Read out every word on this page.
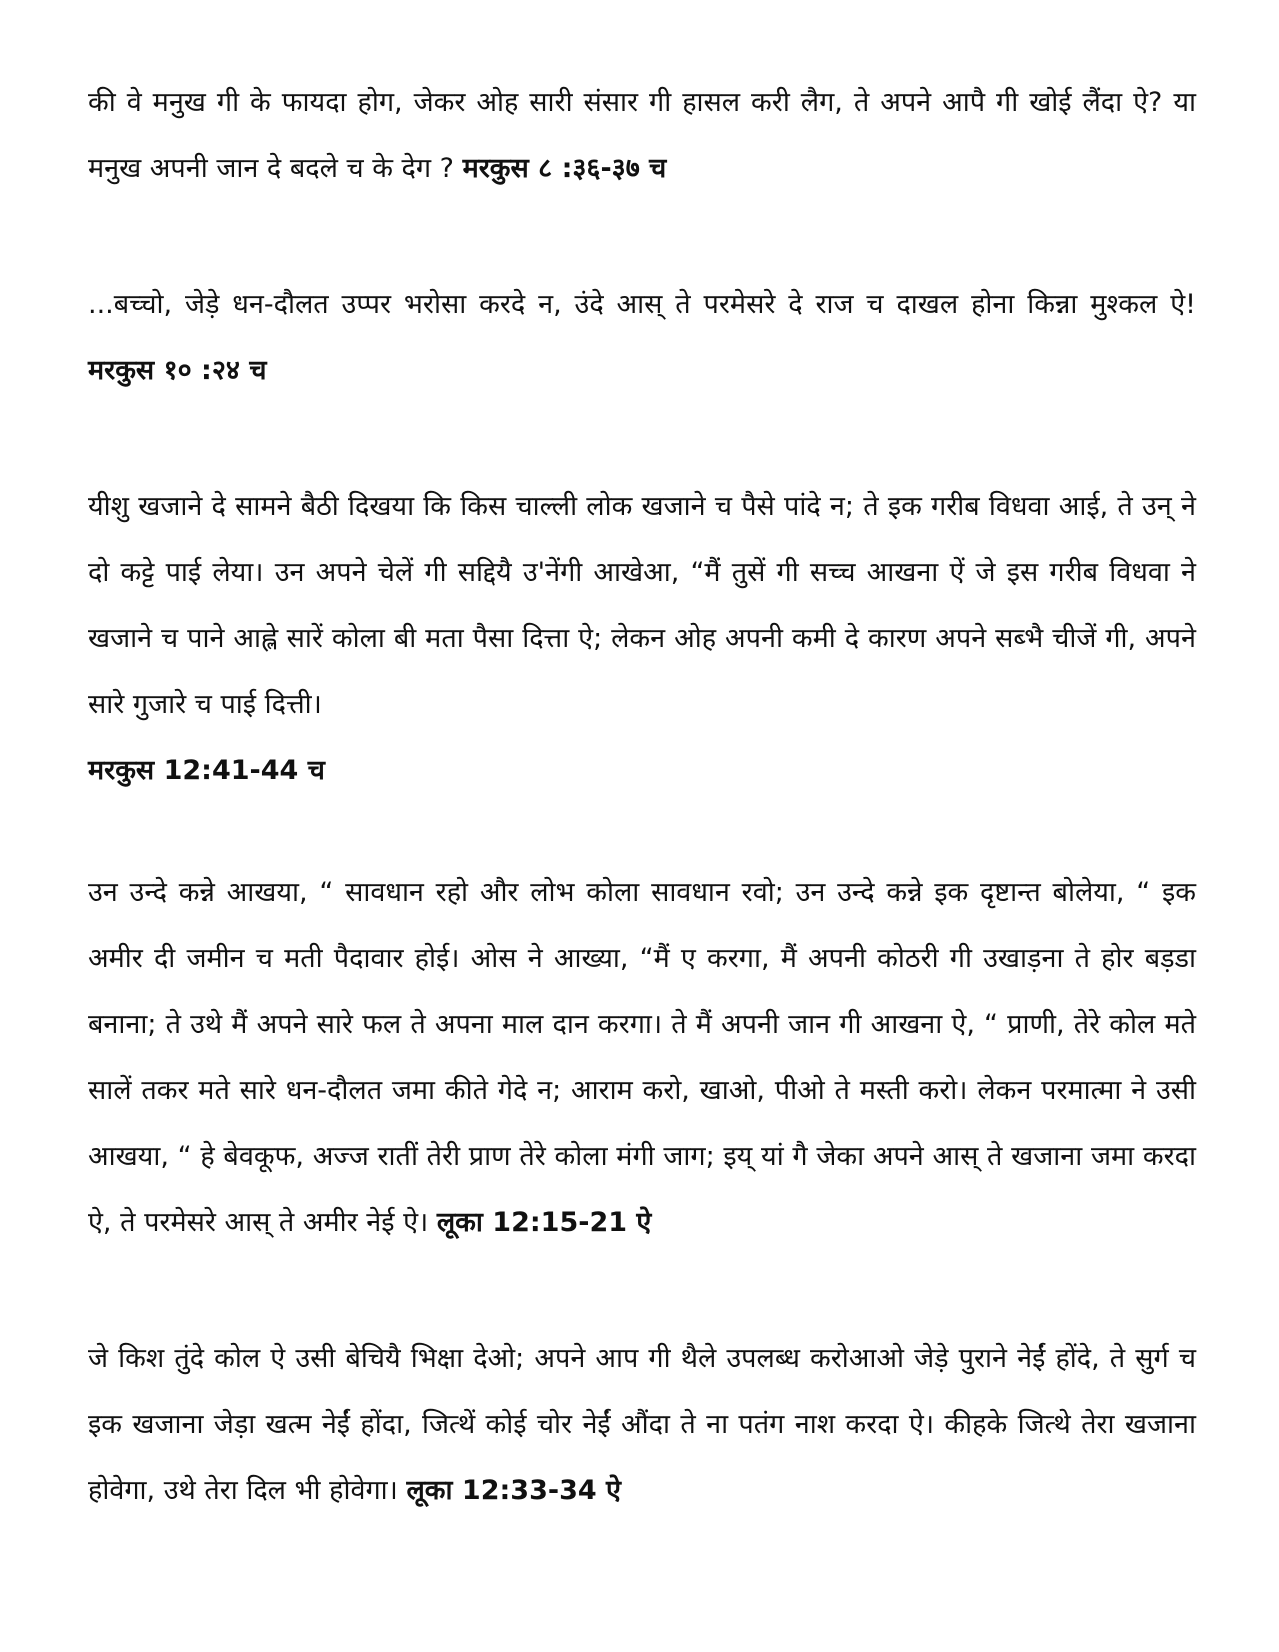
की वे मनुख गी के फायदा होग, जेकर ओह सारी संसार गी हासल करी लैग, ते अपने आपै गी खोई लैंदा ऐ? या मनुख अपनी जान दे बदले च के देग ? मरकुस ८ :३६-३७ च

...बच्चो, जेड़े धन-दौलत उप्पर भरोसा करदे न, उंदे आस् ते परमेसरे दे राज च दाखल होना किन्ना मुश्कल ऐ! मरकुस १० :२४ च

यीशु खजाने दे सामने बैठी दिखया कि किस चाल्ली लोक खजाने च पैसे पांदे न; ते इक गरीब विधवा आई, ते उन् ने दो कट्टे पाई लेया। उन अपने चेलें गी सद्दियै उ'नेंगी आखेआ, “मैं तुसें गी सच्च आखना ऐं जे इस गरीब विधवा ने खजाने च पाने आह्ले सारें कोला बी मता पैसा दित्ता ऐ; लेकन ओह अपनी कमी दे कारण अपने सब्भै चीजें गी, अपने सारे गुजारे च पाई दित्ती।
मरकुस 12:41-44 च

उन उन्दे कन्ने आखया, “ सावधान रहो और लोभ कोला सावधान रवो; उन उन्दे कन्ने इक दृष्टान्त बोलेया, “ इक अमीर दी जमीन च मती पैदावार होई। ओस ने आख्या, “मैं ए करगा, मैं अपनी कोठरी गी उखाड़ना ते होर बड़डा बनाना; ते उथे मैं अपने सारे फल ते अपना माल दान करगा। ते मैं अपनी जान गी आखना ऐ, “ प्राणी, तेरे कोल मते सालें तकर मते सारे धन-दौलत जमा कीते गेदे न; आराम करो, खाओ, पीओ ते मस्ती करो। लेकन परमात्मा ने उसी आखया, “ हे बेवकूफ, अज्ज रातीं तेरी प्राण तेरे कोला मंगी जाग; इय् यां गै जेका अपने आस् ते खजाना जमा करदा ऐ, ते परमेसरे आस् ते अमीर नेई ऐ। लूका 12:15-21 ऐ

जे किश तुंदे कोल ऐ उसी बेचियै भिक्षा देओ; अपने आप गी थैले उपलब्ध करोआओ जेड़े पुराने नेईं होंदे, ते सुर्ग च इक खजाना जेड़ा खत्म नेईं होंदा, जित्थें कोई चोर नेईं औंदा ते ना पतंग नाश करदा ऐ। कीहके जित्थे तेरा खजाना होवेगा, उथे तेरा दिल भी होवेगा। लूका 12:33-34 ऐ
